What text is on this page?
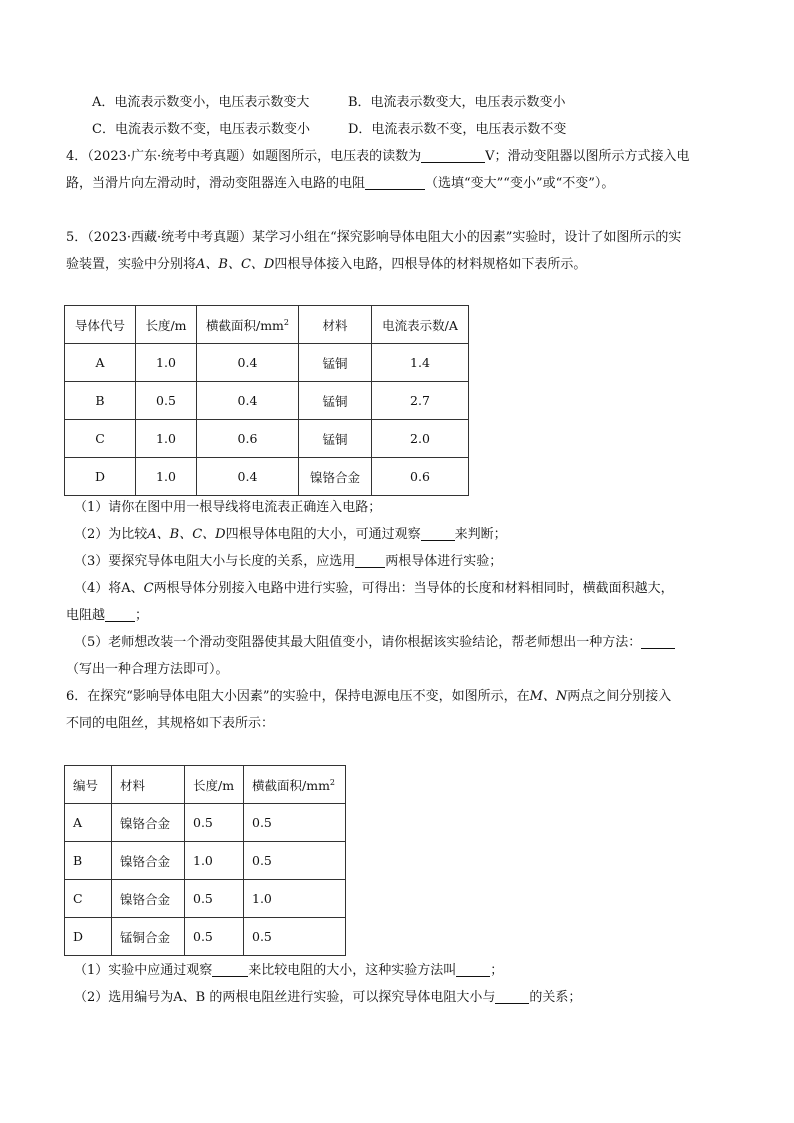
A．电流表示数变小，电压表示数变大	B．电流表示数变大，电压表示数变小
C．电流表示数不变，电压表示数变小	D．电流表示数不变，电压表示数不变
4．（2023·广东·统考中考真题）如题图所示，电压表的读数为	V；滑动变阻器以图所示方式接入电
路，当滑片向左滑动时，滑动变阻器连入电路的电阻	（选填“变大”“变小”或“不变”）。
5．（2023·西藏·统考中考真题）某学习小组在“探究影响导体电阻大小的因素”实验时，设计了如图所示的实
验装置，实验中分别将A、B、C、D四根导体接入电路，四根导体的材料规格如下表所示。
导体代号	长度/m	横截面积$/mm^2$	材料	电流表示数/A
A	1.0	0.4	锰铜	1.4
B	0.5	0.4	锰铜	2.7
C	1.0	0.6	锰铜	2.0
D	1.0	0.4	镍铬合金	0.6
（1）请你在图中用一根导线将电流表正确连入电路；
（2）为比较A、B、C、D四根导体电阻的大小，可通过观察	来判断；
（3）要探究导体电阻大小与长度的关系，应选用 两根导体进行实验；
（4）将A、C两根导体分别接入电路中进行实验，可得出：当导体的长度和材料相同时，横截面积越大，
电阻越 ；
（5）老师想改装一个滑动变阻器使其最大阻值变小，请你根据该实验结论，帮老师想出一种方法：
（写出一种合理方法即可）。
6．在探究“影响导体电阻大小因素”的实验中，保持电源电压不变，如图所示，在M、N两点之间分别接入
不同的电阻丝，其规格如下表所示：
编号	材料	长度/m	横截面积$/mm^2$
A	镍铬合金	0.5	0.5
B	镍铬合金	1.0	0.5
C	镍铬合金	0.5	1.0
D	锰铜合金	0.5	0.5
（1）实验中应通过观察	来比较电阻的大小，这种实验方法叫	；
（2）选用编号为A、B 的两根电阻丝进行实验，可以探究导体电阻大小与	的关系；
